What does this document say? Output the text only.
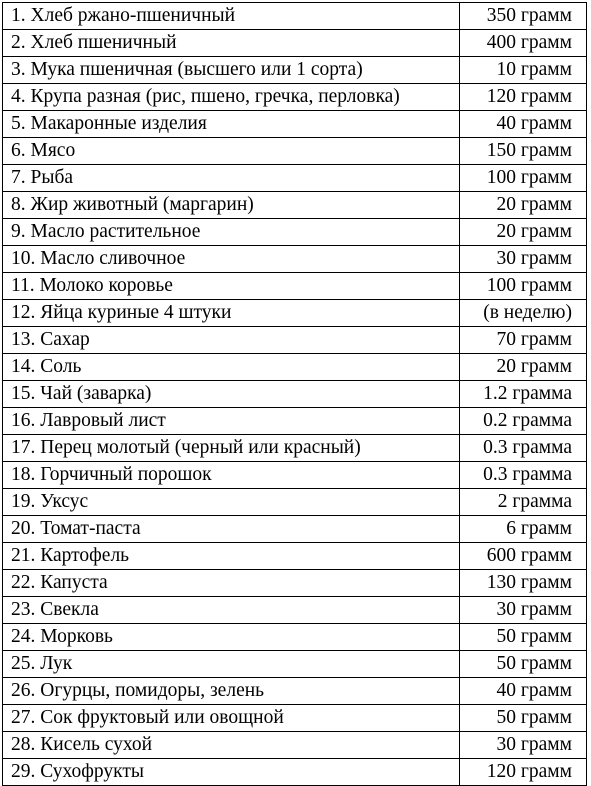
1. Хлеб ржано-пшеничный	350 грамм
2. Хлеб пшеничный	400 грамм
3. Мука пшеничная (высшего или 1 сорта)	10 грамм
4. Крупа разная (рис, пшено, гречка, перловка)	120 грамм
5. Макаронные изделия	40 грамм
6. Мясо	150 грамм
7. Рыба	100 грамм
8. Жир животный (маргарин)	20 грамм
9. Масло растительное	20 грамм
10. Масло сливочное	30 грамм
11. Молоко коровье	100 грамм
12. Яйца куриные 4 штуки	(в неделю)
13. Сахар	70 грамм
14. Соль	20 грамм
15. Чай (заварка)	1.2 грамма
16. Лавровый лист	0.2 грамма
17. Перец молотый (черный или красный)	0.3 грамма
18. Горчичный порошок	0.3 грамма
19. Уксус	2 грамма
20. Томат-паста	6 грамм
21. Картофель	600 грамм
22. Капуста	130 грамм
23. Свекла	30 грамм
24. Морковь	50 грамм
25. Лук	50 грамм
26. Огурцы, помидоры, зелень	40 грамм
27. Сок фруктовый или овощной	50 грамм
28. Кисель сухой	30 грамм
29. Сухофрукты	120 грамм
